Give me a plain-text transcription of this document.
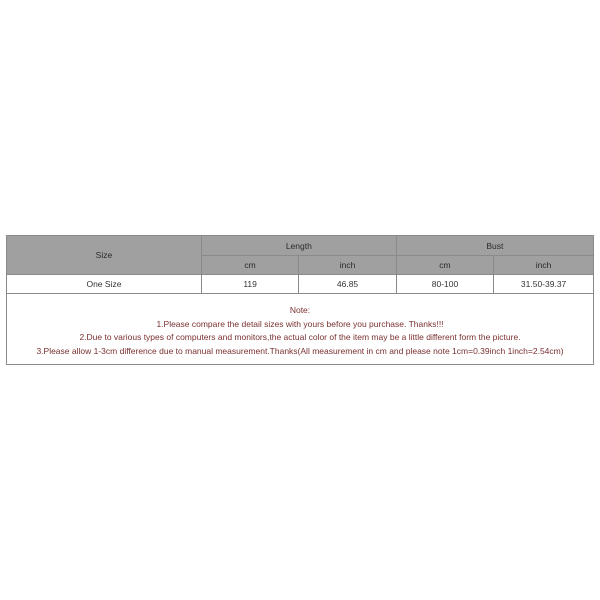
Size	Length		Bust	
	cm	inch	cm	inch
One Size	119	46.85	80-100	31.50-39.37

Note:
1.Please compare the detail sizes with yours before you purchase. Thanks!!!
2.Due to various types of computers and monitors,the actual color of the item may be a little different form the picture.
3.Please allow 1-3cm difference due to manual measurement.Thanks(All measurement in cm and please note 1cm=0.39inch 1inch=2.54cm)				
